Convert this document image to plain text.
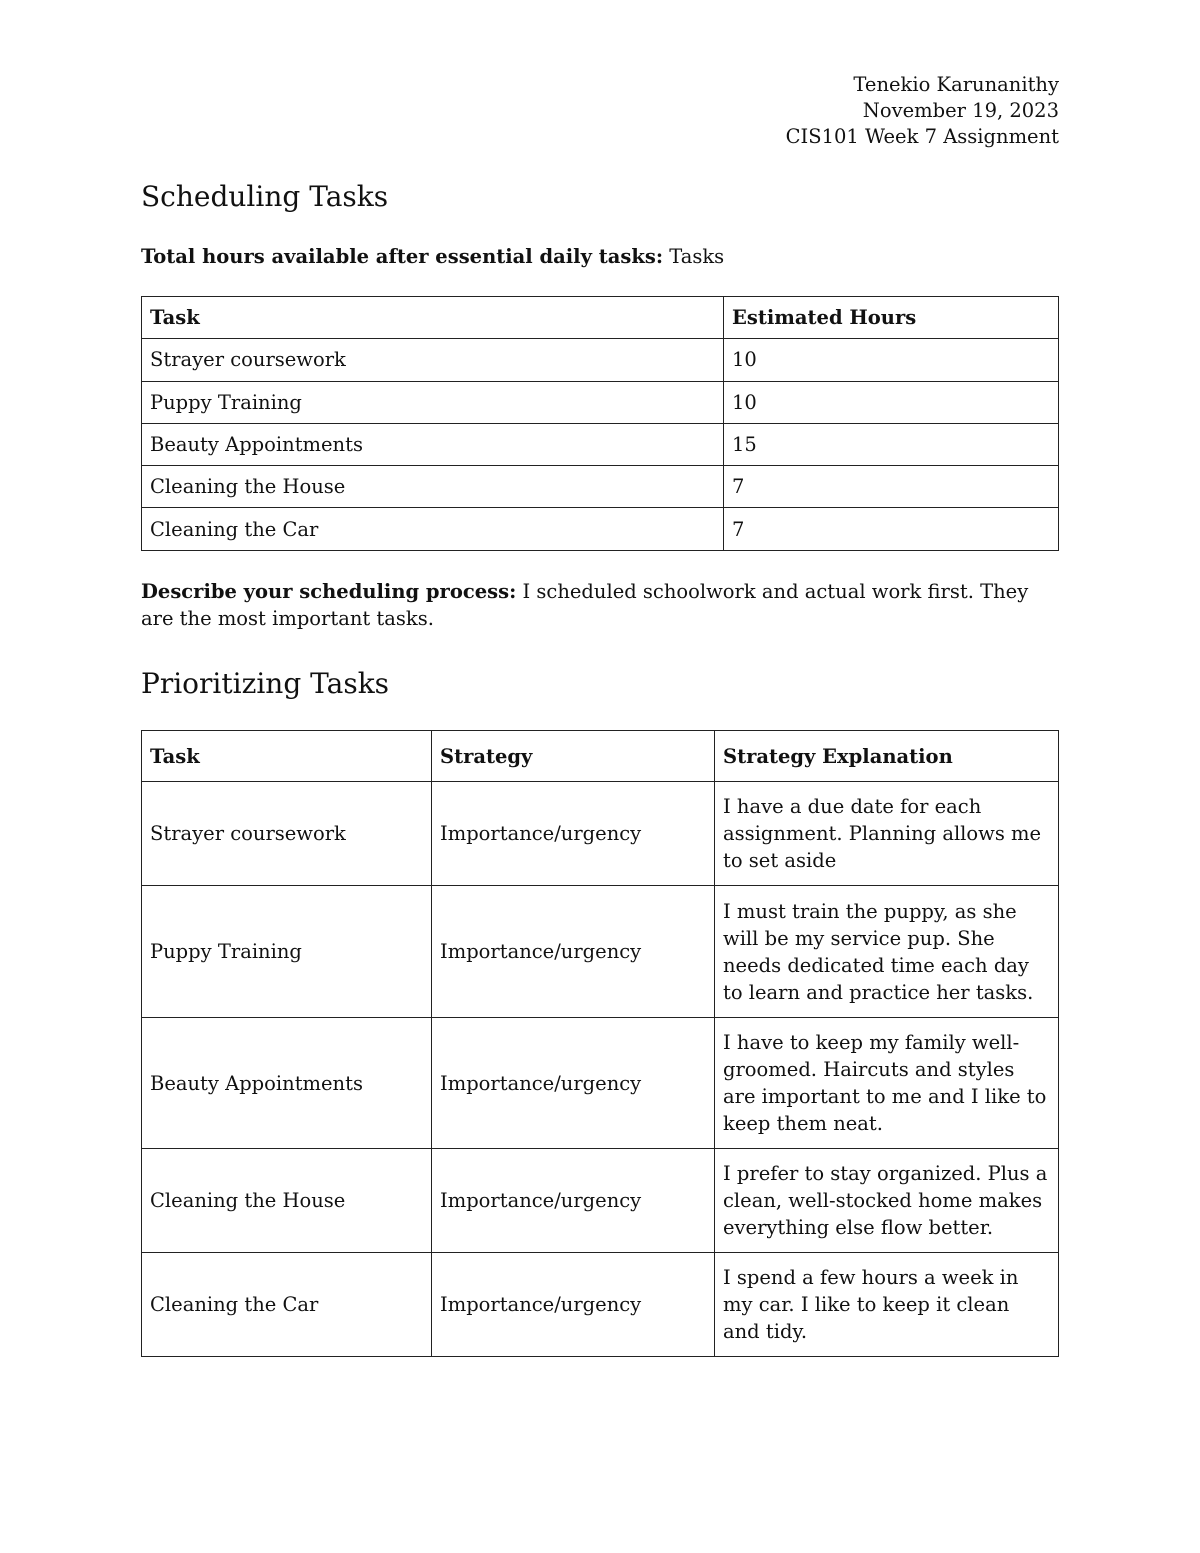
Tenekio Karunanithy
November 19, 2023
CIS101 Week 7 Assignment
Scheduling Tasks

Total hours available after essential daily tasks: Tasks

Task	Estimated Hours
Strayer coursework	10
Puppy Training	10
Beauty Appointments	15
Cleaning the House	7
Cleaning the Car	7

Describe your scheduling process: I scheduled schoolwork and actual work first. They are the most important tasks.

Prioritizing Tasks
Task	Strategy	Strategy Explanation
Strayer coursework	Importance/urgency	I have a due date for each assignment. Planning allows me to set aside
Puppy Training	Importance/urgency	I must train the puppy, as she will be my service pup. She needs dedicated time each day to learn and practice her tasks.
Beauty Appointments	Importance/urgency	I have to keep my family well-groomed. Haircuts and styles are important to me and I like to keep them neat.
Cleaning the House	Importance/urgency	I prefer to stay organized. Plus a clean, well-stocked home makes everything else flow better.
Cleaning the Car	Importance/urgency	I spend a few hours a week in my car. I like to keep it clean and tidy.
